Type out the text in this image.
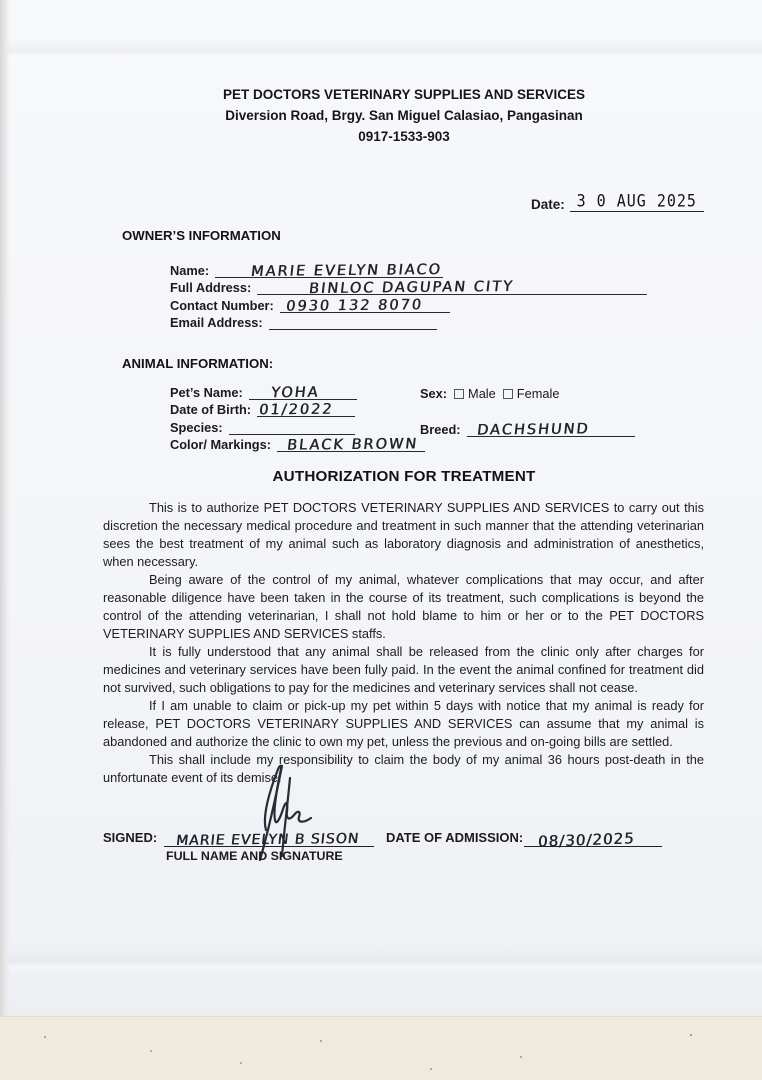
PET DOCTORS VETERINARY SUPPLIES AND SERVICES
Diversion Road, Brgy. San Miguel Calasiao, Pangasinan
0917-1533-903
Date: 3 0 AUG 2025
OWNER’S INFORMATION
Name:	MARIE EVELYN BIACO
Full Address:	BINLOC DAGUPAN CITY
Contact Number: 0930 132 8070
Email Address:
ANIMAL INFORMATION:
Pet’s Name: YOHA
Date of Birth: 01/2022
Species:
Color/ Markings: BLACK BROWN
Sex: Male Female
Breed: DACHSHUND
AUTHORIZATION FOR TREATMENT

This is to authorize PET DOCTORS VETERINARY SUPPLIES AND SERVICES to carry out this discretion the necessary medical procedure and treatment in such manner that the attending veterinarian sees the best treatment of my animal such as laboratory diagnosis and administration of anesthetics, when necessary.

Being aware of the control of my animal, whatever complications that may occur, and after reasonable diligence have been taken in the course of its treatment, such complications is beyond the control of the attending veterinarian, I shall not hold blame to him or her or to the PET DOCTORS VETERINARY SUPPLIES AND SERVICES staffs.

It is fully understood that any animal shall be released from the clinic only after charges for medicines and veterinary services have been fully paid. In the event the animal confined for treatment did not survived, such obligations to pay for the medicines and veterinary services shall not cease.

If I am unable to claim or pick-up my pet within 5 days with notice that my animal is ready for release, PET DOCTORS VETERINARY SUPPLIES AND SERVICES can assume that my animal is abandoned and authorize the clinic to own my pet, unless the previous and on-going bills are settled.

This shall include my responsibility to claim the body of my animal 36 hours post-death in the unfortunate event of its demise.

SIGNED: MARIE EVELYN B SISON
FULL NAME AND SIGNATURE
DATE OF ADMISSION: 08/30/2025
